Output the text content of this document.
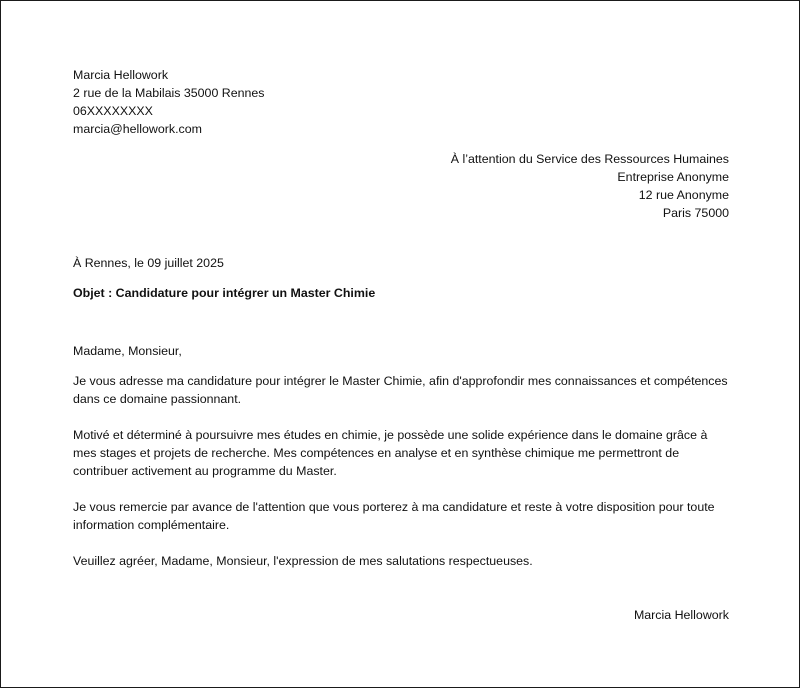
Marcia Hellowork
2 rue de la Mabilais 35000 Rennes
06XXXXXXXX
marcia@hellowork.com
À l’attention du Service des Ressources Humaines
Entreprise Anonyme
12 rue Anonyme
Paris 75000
À Rennes, le 09 juillet 2025
Objet : Candidature pour intégrer un Master Chimie
Madame, Monsieur,
Je vous adresse ma candidature pour intégrer le Master Chimie, afin d'approfondir mes connaissances et compétences dans ce domaine passionnant.
Motivé et déterminé à poursuivre mes études en chimie, je possède une solide expérience dans le domaine grâce à mes stages et projets de recherche. Mes compétences en analyse et en synthèse chimique me permettront de contribuer activement au programme du Master.
Je vous remercie par avance de l'attention que vous porterez à ma candidature et reste à votre disposition pour toute information complémentaire.
Veuillez agréer, Madame, Monsieur, l'expression de mes salutations respectueuses.
Marcia Hellowork
